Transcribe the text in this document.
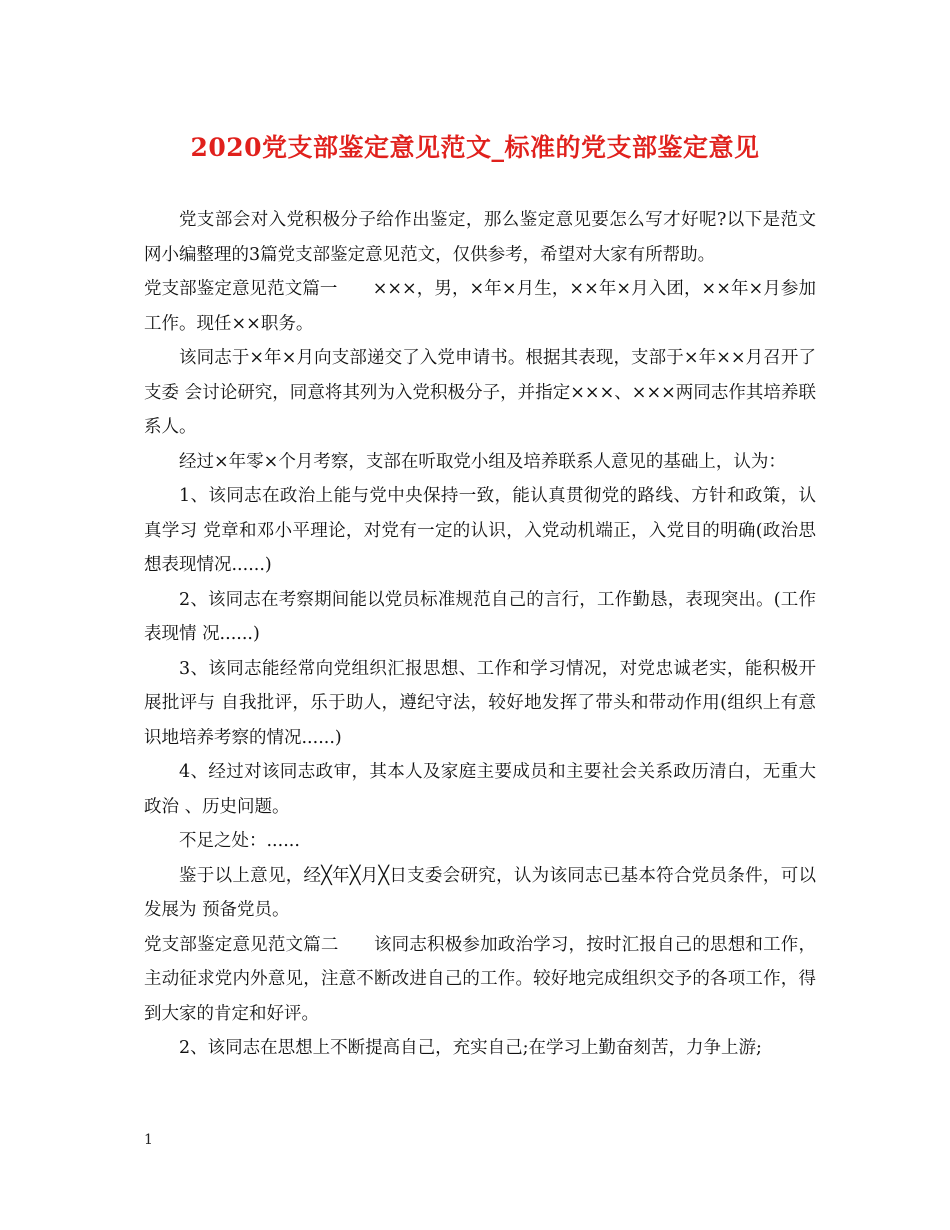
2020党支部鉴定意见范文_标准的党支部鉴定意见

党支部会对入党积极分子给作出鉴定，那么鉴定意见要怎么写才好呢?以下是范文网小编整理的3篇党支部鉴定意见范文，仅供参考，希望对大家有所帮助。

党支部鉴定意见范文篇一　　×××，男，×年×月生，××年×月入团，××年×月参加工作。现任××职务。

该同志于×年×月向支部递交了入党申请书。根据其表现，支部于×年××月召开了支委 会讨论研究，同意将其列为入党积极分子，并指定×××、×××两同志作其培养联系人。

经过×年零×个月考察，支部在听取党小组及培养联系人意见的基础上，认为：

1、该同志在政治上能与党中央保持一致，能认真贯彻党的路线、方针和政策，认真学习 党章和邓小平理论，对党有一定的认识，入党动机端正，入党目的明确(政治思想表现情况......)

2、该同志在考察期间能以党员标准规范自己的言行，工作勤恳，表现突出。(工作表现情 况......)

3、该同志能经常向党组织汇报思想、工作和学习情况，对党忠诚老实，能积极开展批评与 自我批评，乐于助人，遵纪守法，较好地发挥了带头和带动作用(组织上有意识地培养考察的情况......)

4、经过对该同志政审，其本人及家庭主要成员和主要社会关系政历清白，无重大政治 、历史问题。

不足之处：......

鉴于以上意见，经╳年╳月╳日支委会研究，认为该同志已基本符合党员条件，可以发展为 预备党员。

党支部鉴定意见范文篇二　　该同志积极参加政治学习，按时汇报自己的思想和工作，主动征求党内外意见，注意不断改进自己的工作。较好地完成组织交予的各项工作，得到大家的肯定和好评。

2、该同志在思想上不断提高自己，充实自己;在学习上勤奋刻苦，力争上游;

1
